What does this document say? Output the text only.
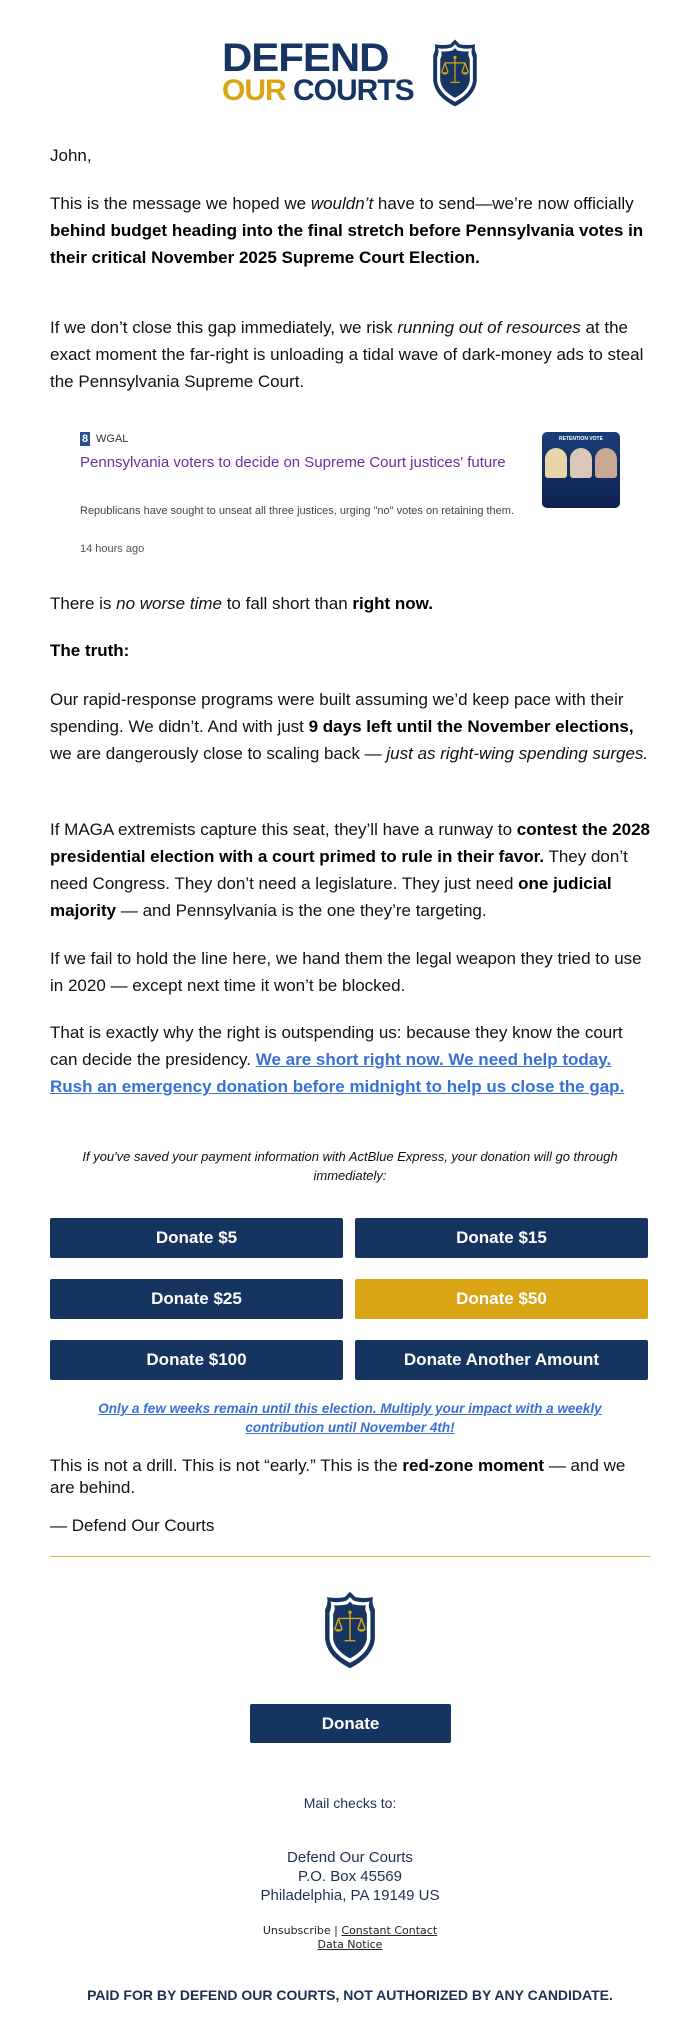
DEFEND
OUR COURTS
John,
This is the message we hoped we wouldn’t have to send—we’re now officially behind budget heading into the final stretch before Pennsylvania votes in their critical November 2025 Supreme Court Election.
If we don’t close this gap immediately, we risk running out of resources at the exact moment the far-right is unloading a tidal wave of dark-money ads to steal the Pennsylvania Supreme Court.
8 WGAL
Pennsylvania voters to decide on Supreme Court justices' future
Republicans have sought to unseat all three justices, urging "no" votes on retaining them.
14 hours ago
RETENTION VOTE
There is no worse time to fall short than right now.
The truth:
Our rapid-response programs were built assuming we’d keep pace with their spending. We didn’t. And with just 9 days left until the November elections, we are dangerously close to scaling back — just as right-wing spending surges.
If MAGA extremists capture this seat, they’ll have a runway to contest the 2028 presidential election with a court primed to rule in their favor. They don’t need Congress. They don’t need a legislature. They just need one judicial majority — and Pennsylvania is the one they’re targeting.
If we fail to hold the line here, we hand them the legal weapon they tried to use in 2020 — except next time it won’t be blocked.
That is exactly why the right is outspending us: because they know the court can decide the presidency. We are short right now. We need help today. Rush an emergency donation before midnight to help us close the gap.
If you've saved your payment information with ActBlue Express, your donation will go through immediately:
Donate $5	Donate $15
Donate $25	Donate $50
Donate $100	Donate Another Amount
Only a few weeks remain until this election. Multiply your impact with a weekly contribution until November 4th!
This is not a drill. This is not “early.” This is the red-zone moment — and we are behind.
— Defend Our Courts
Donate
Mail checks to:
Defend Our Courts
P.O. Box 45569
Philadelphia, PA 19149 US
Unsubscribe | Constant Contact
Data Notice
PAID FOR BY DEFEND OUR COURTS, NOT AUTHORIZED BY ANY CANDIDATE.
